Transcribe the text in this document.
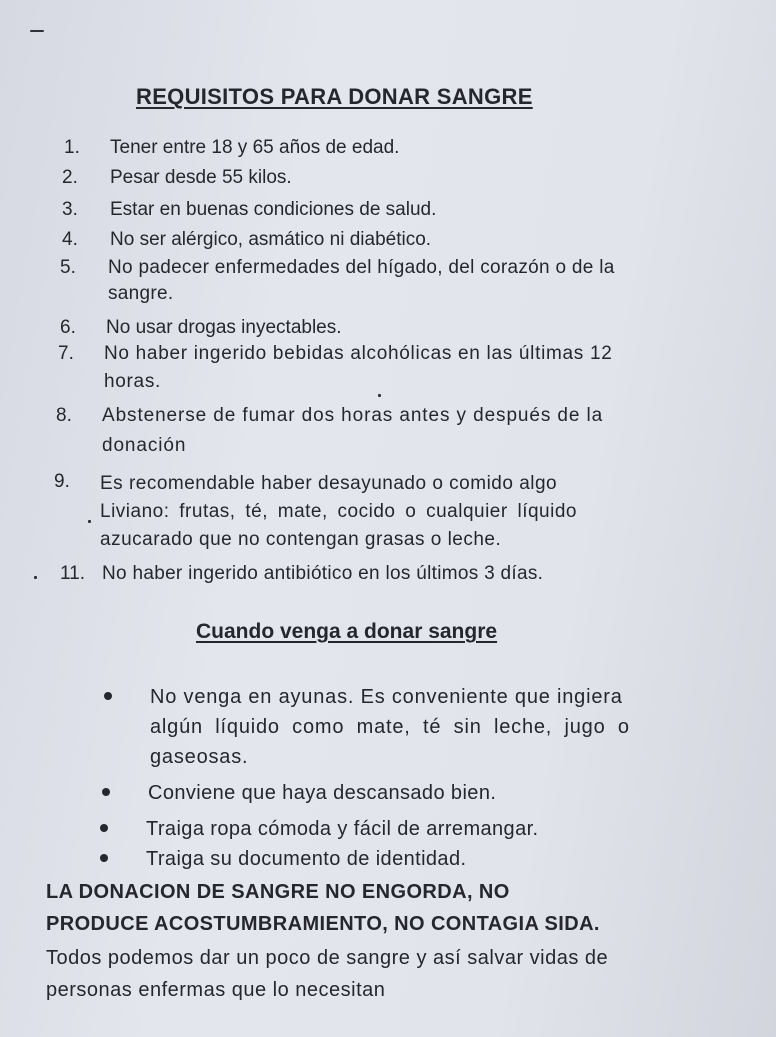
REQUISITOS PARA DONAR SANGRE
1. Tener entre 18 y 65 años de edad.
2. Pesar desde 55 kilos.
3. Estar en buenas condiciones de salud.
4. No ser alérgico, asmático ni diabético.
5. No padecer enfermedades del hígado, del corazón o de la
sangre.
6. No usar drogas inyectables.
7. No haber ingerido bebidas alcohólicas en las últimas 12
horas.
8. Abstenerse de fumar dos horas antes y después de la
donación
9. Es recomendable haber desayunado o comido algo
Liviano: frutas, té, mate, cocido o cualquier líquido
azucarado que no contengan grasas o leche.
11. No haber ingerido antibiótico en los últimos 3 días.
Cuando venga a donar sangre
No venga en ayunas. Es conveniente que ingiera
algún líquido como mate, té sin leche, jugo o
gaseosas.
Conviene que haya descansado bien.
Traiga ropa cómoda y fácil de arremangar.
Traiga su documento de identidad.
LA DONACION DE SANGRE NO ENGORDA, NO
PRODUCE ACOSTUMBRAMIENTO, NO CONTAGIA SIDA.
Todos podemos dar un poco de sangre y así salvar vidas de
personas enfermas que lo necesitan
